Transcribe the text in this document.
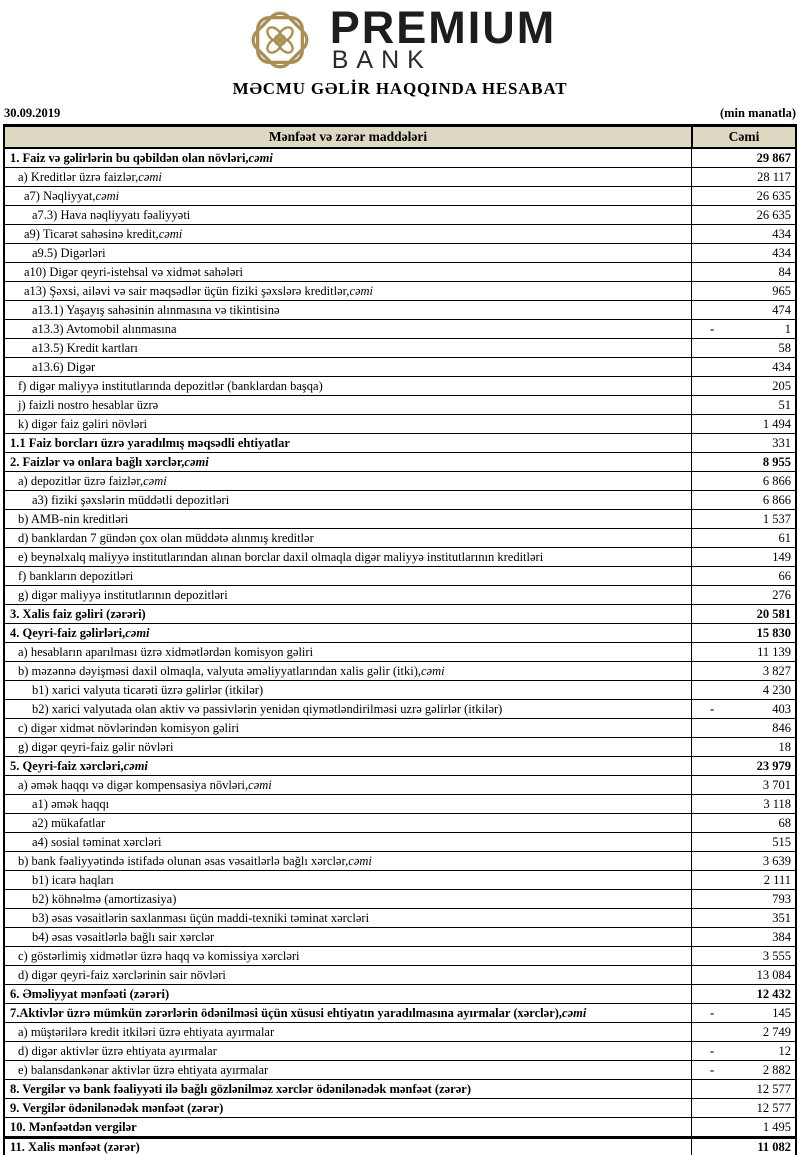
PREMIUM
BANK
MƏCMU GƏLİR HAQQINDA HESABAT
30.09.2019	(min manatla)
Mənfəət və zərər maddələri	Cəmi
1. Faiz və gəlirlərin bu qəbildən olan növləri, cəmi	29 867
a) Kreditlər üzrə faizlər, cəmi	28 117
a7) Nəqliyyat, cəmi	26 635
a7.3) Hava nəqliyyatı fəaliyyəti	26 635
a9) Ticarət sahəsinə kredit, cəmi	434
a9.5) Digərləri	434
a10) Digər qeyri-istehsal və xidmət sahələri	84
a13) Şəxsi, ailəvi və sair məqsədlər üçün fiziki şəxslərə kreditlər, cəmi	965
a13.1) Yaşayış sahəsinin alınmasına və tikintisinə	474
a13.3) Avtomobil alınmasına	-	1
a13.5) Kredit kartları	58
a13.6) Digər	434
f) digər maliyyə institutlarında depozitlər (banklardan başqa)	205
j) faizli nostro hesablar üzrə	51
k) digər faiz gəliri növləri	1 494
1.1 Faiz borcları üzrə yaradılmış məqsədli ehtiyatlar	331
2. Faizlər və onlara bağlı xərclər, cəmi	8 955
a) depozitlər üzrə faizlər, cəmi	6 866
a3) fiziki şəxslərin müddətli depozitləri	6 866
b) AMB-nin kreditləri	1 537
d) banklardan 7 gündən çox olan müddətə alınmış kreditlər	61
e) beynəlxalq maliyyə institutlarından alınan borclar daxil olmaqla digər maliyyə institutlarının kreditləri	149
f) bankların depozitləri	66
g) digər maliyyə institutlarının depozitləri	276
3. Xalis faiz gəliri (zərəri)	20 581
4. Qeyri-faiz gəlirləri, cəmi	15 830
a) hesabların aparılması üzrə xidmətlərdən komisyon gəliri	11 139
b) məzənnə dəyişməsi daxil olmaqla, valyuta əməliyyatlarından xalis gəlir (itki), cəmi	3 827
b1) xarici valyuta ticarəti üzrə gəlirlər (itkilər)	4 230
b2) xarici valyutada olan aktiv və passivlərin yenidən qiymətləndirilməsi uzrə gəlirlər (itkilər)	-	403
c) digər xidmət növlərindən komisyon gəliri	846
g) digər qeyri-faiz gəlir növləri	18
5. Qeyri-faiz xərcləri, cəmi	23 979
a) əmək haqqı və digər kompensasiya növləri, cəmi	3 701
a1) əmək haqqı	3 118
a2) mükafatlar	68
a4) sosial təminat xərcləri	515
b) bank fəaliyyətində istifadə olunan əsas vəsaitlərlə bağlı xərclər, cəmi	3 639
b1) icarə haqları	2 111
b2) köhnəlmə (amortizasiya)	793
b3) əsas vəsaitlərin saxlanması üçün maddi-texniki təminat xərcləri	351
b4) əsas vəsaitlərlə bağlı sair xərclər	384
c) göstərlimiş xidmətlər üzrə haqq və komissiya xərcləri	3 555
d) digər qeyri-faiz xərclərinin sair növləri	13 084
6. Əməliyyat mənfəəti (zərəri)	12 432
7.Aktivlər üzrə mümkün zərərlərin ödənilməsi üçün xüsusi ehtiyatın yaradılmasına ayırmalar (xərclər), cəmi	-	145
a) müştərilərə kredit itkiləri üzrə ehtiyata ayırmalar	2 749
d) digər aktivlər üzrə ehtiyata ayırmalar	-	12
e) balansdankənar aktivlər üzrə ehtiyata ayırmalar	-	2 882
8. Vergilər və bank fəaliyyəti ilə bağlı gözlənilməz xərclər ödənilənədək mənfəət (zərər)	12 577
9. Vergilər ödənilənədək mənfəət (zərər)	12 577
10. Mənfəətdən vergilər	1 495
11. Xalis mənfəət (zərər)	11 082
